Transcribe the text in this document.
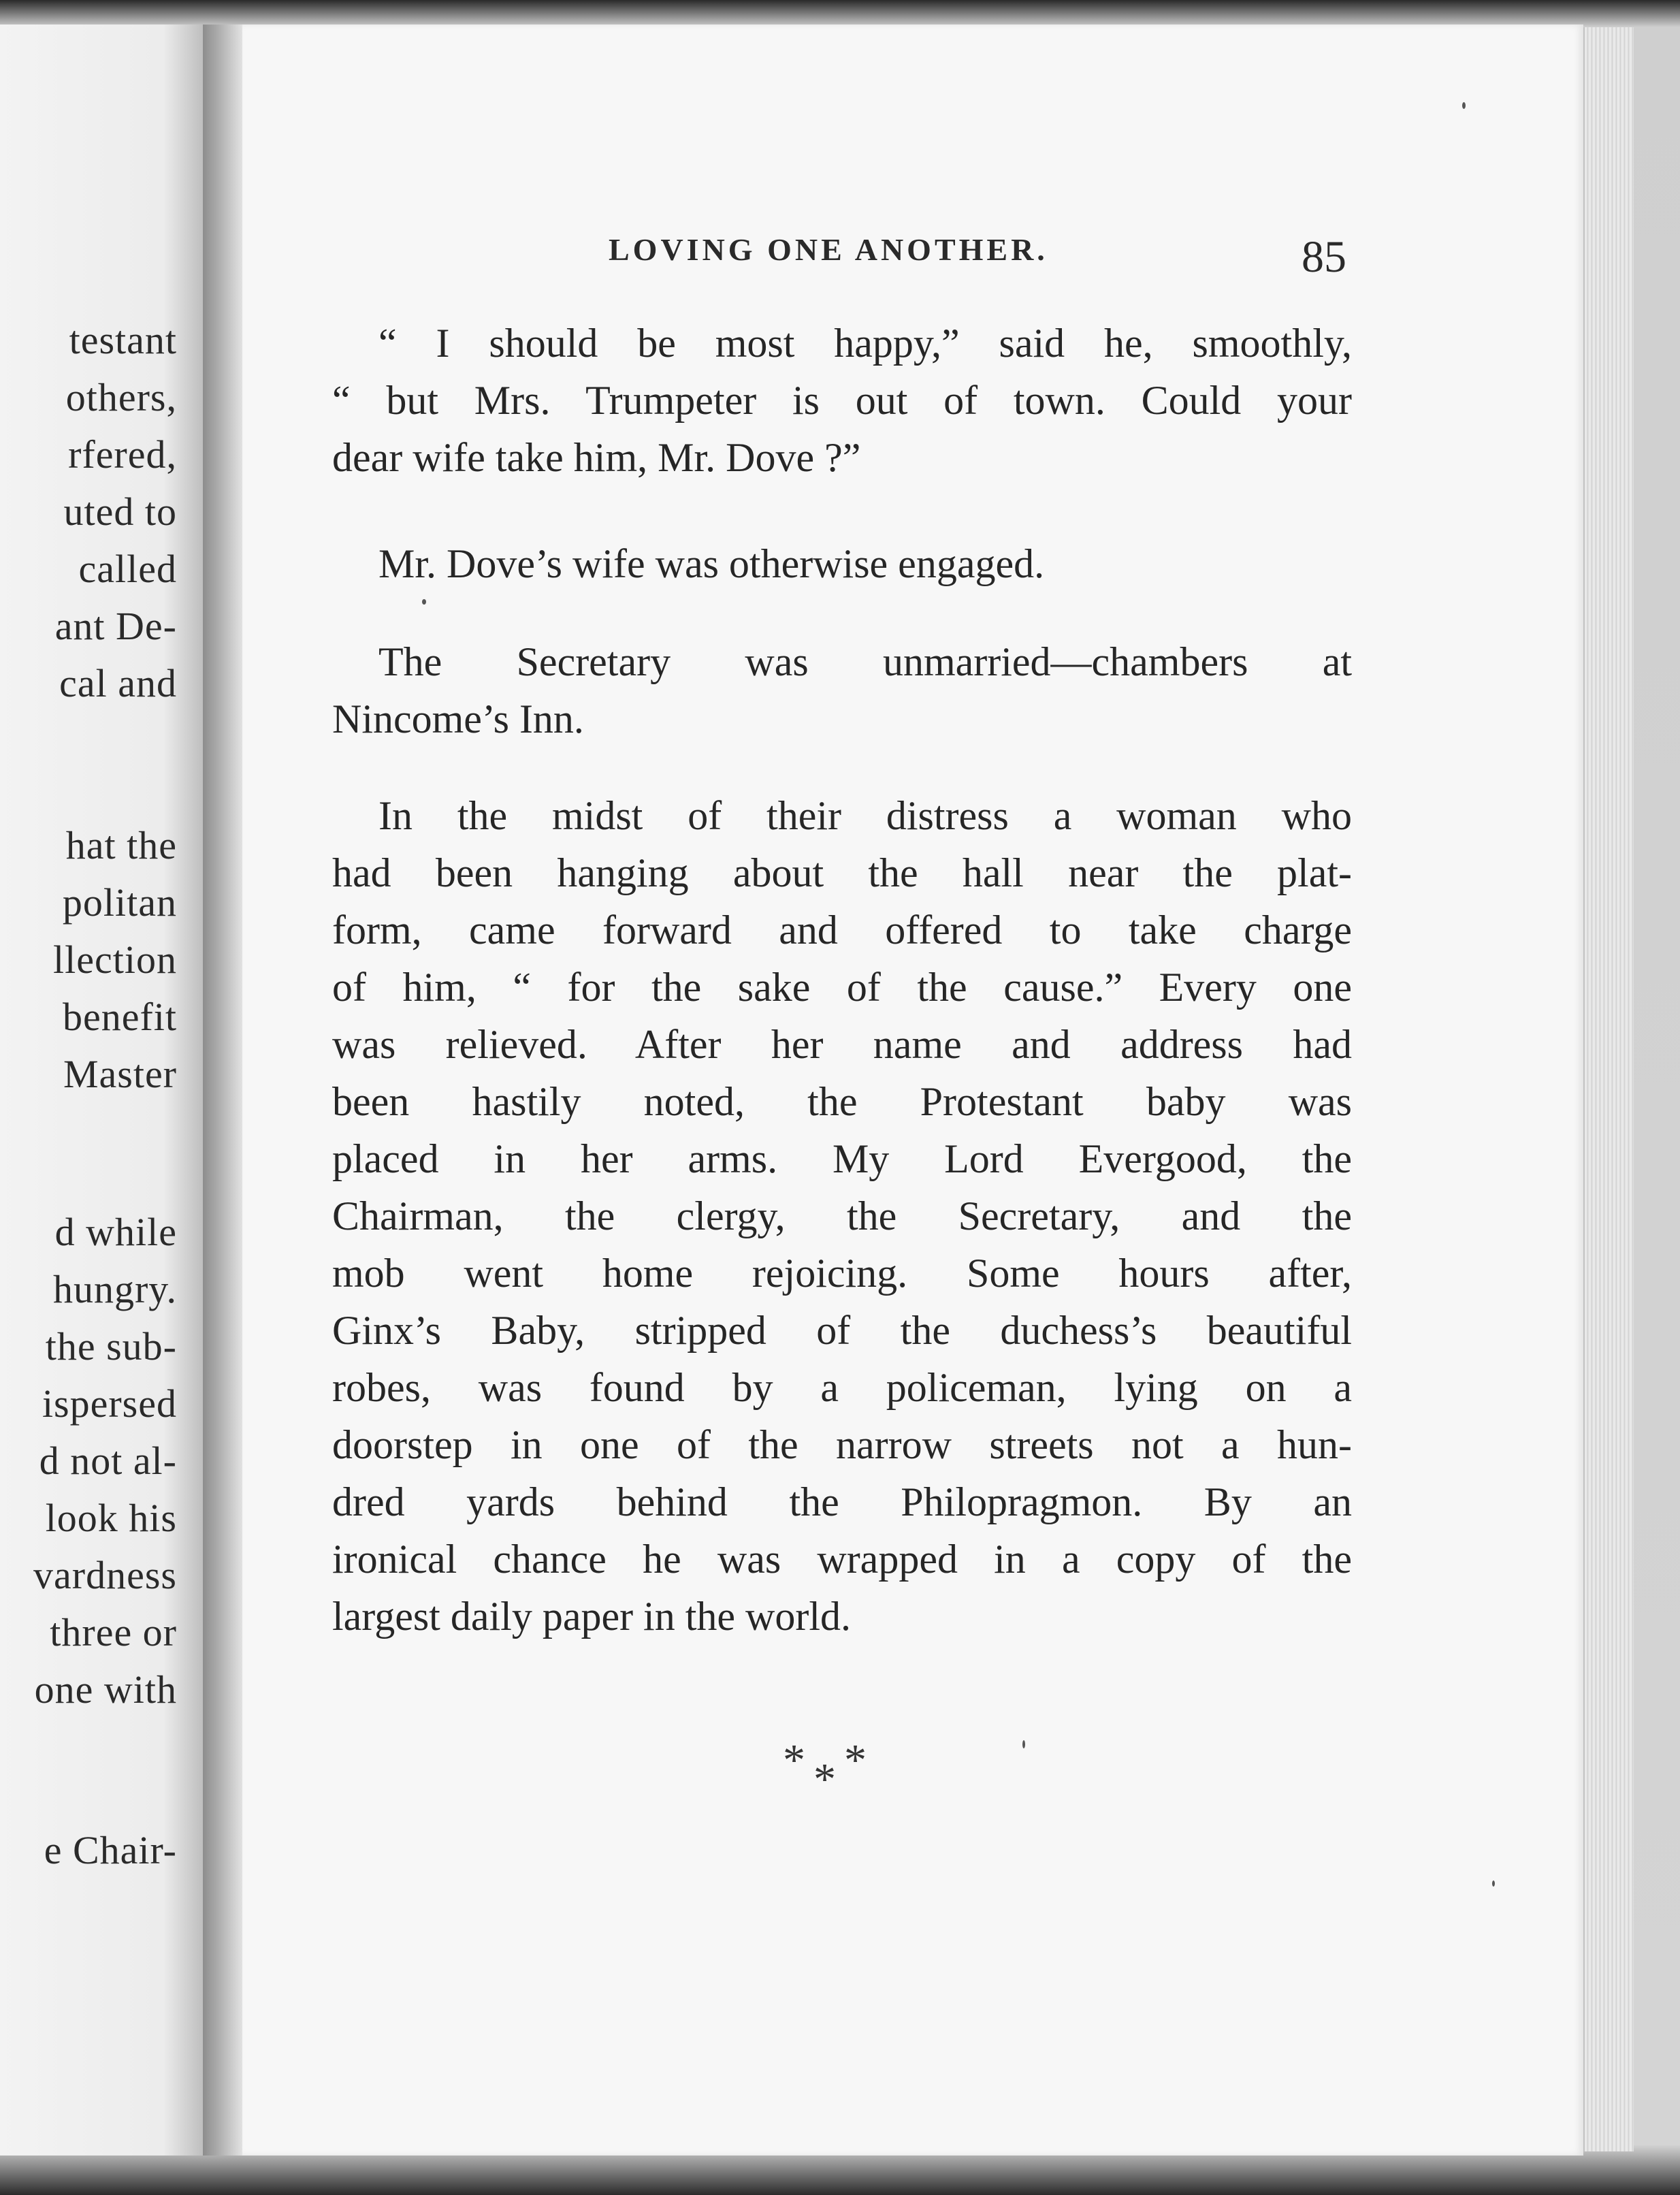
testant
others,
rfered,
uted to
called
ant De-
cal and
hat the
politan
llection
benefit
Master
d while
hungry.
the sub-
ispersed
d not al-
look his
vardness
three or
one with
e Chair-
LOVING ONE ANOTHER.	85
“ I should be most happy,” said he, smoothly,
“ but Mrs. Trumpeter is out of town. Could your
dear wife take him, Mr. Dove ?”
Mr. Dove’s wife was otherwise engaged.
The Secretary was unmarried—chambers at
Nincome’s Inn.
In the midst of their distress a woman who
had been hanging about the hall near the plat-
form, came forward and offered to take charge
of him, “ for the sake of the cause.” Every one
was relieved. After her name and address had
been hastily noted, the Protestant baby was
placed in her arms. My Lord Evergood, the
Chairman, the clergy, the Secretary, and the
mob went home rejoicing. Some hours after,
Ginx’s Baby, stripped of the duchess’s beautiful
robes, was found by a policeman, lying on a
doorstep in one of the narrow streets not a hun-
dred yards behind the Philopragmon. By an
ironical chance he was wrapped in a copy of the
largest daily paper in the world.
***
